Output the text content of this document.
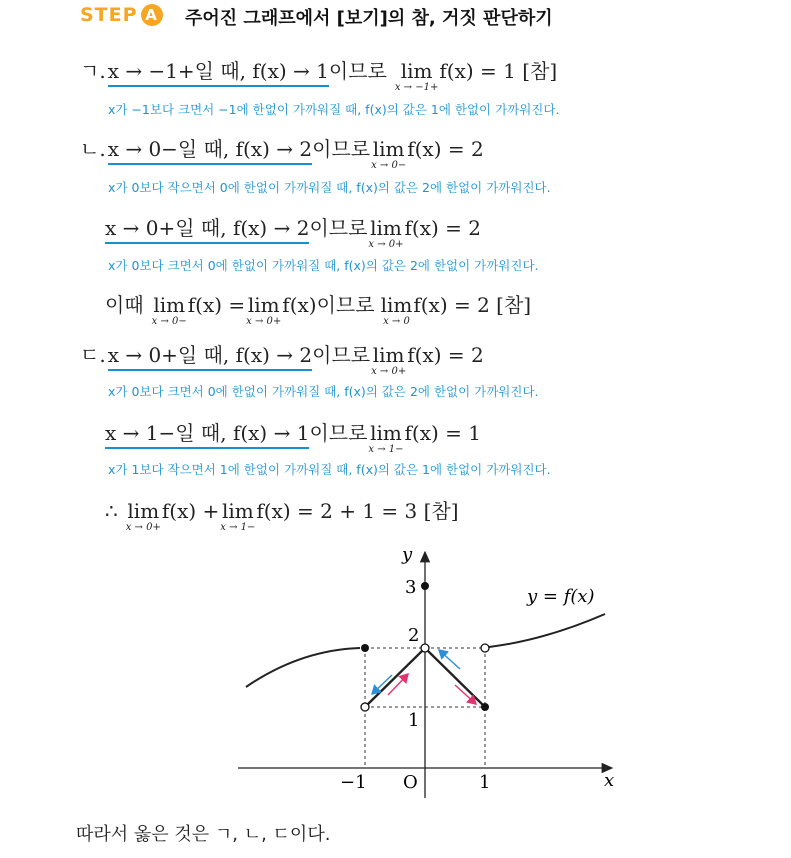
STEP A 주어진 그래프에서 [보기]의 참, 거짓 판단하기
ㄱ. x → −1+일 때, f(x) → 1 이므로 lim
x → −1+
f(x) = 1 [참]
x가 −1보다 크면서 −1에 한없이 가까워질 때, f(x)의 값은 1에 한없이 가까워진다.
ㄴ. x → 0−일 때, f(x) → 2 이므로 lim
x → 0−
f(x) = 2
x가 0보다 작으면서 0에 한없이 가까워질 때, f(x)의 값은 2에 한없이 가까워진다.
x → 0+일 때, f(x) → 2 이므로 lim
x → 0+
f(x) = 2
x가 0보다 크면서 0에 한없이 가까워질 때, f(x)의 값은 2에 한없이 가까워진다.
이때 lim
x → 0−
f(x) = lim
x → 0+
f(x) 이므로 lim
x → 0
f(x) = 2 [참]
ㄷ. x → 0+일 때, f(x) → 2 이므로 lim
x → 0+
f(x) = 2
x가 0보다 크면서 0에 한없이 가까워질 때, f(x)의 값은 2에 한없이 가까워진다.
x → 1−일 때, f(x) → 1 이므로 lim
x → 1−
f(x) = 1
x가 1보다 작으면서 1에 한없이 가까워질 때, f(x)의 값은 1에 한없이 가까워진다.
∴ lim
x → 0+
f(x) + lim
x → 1−
f(x) = 2 + 1 = 3 [참]
y
x
y = f(x)
3
2
1
−1 O	1
따라서 옳은 것은 ㄱ, ㄴ, ㄷ이다.
